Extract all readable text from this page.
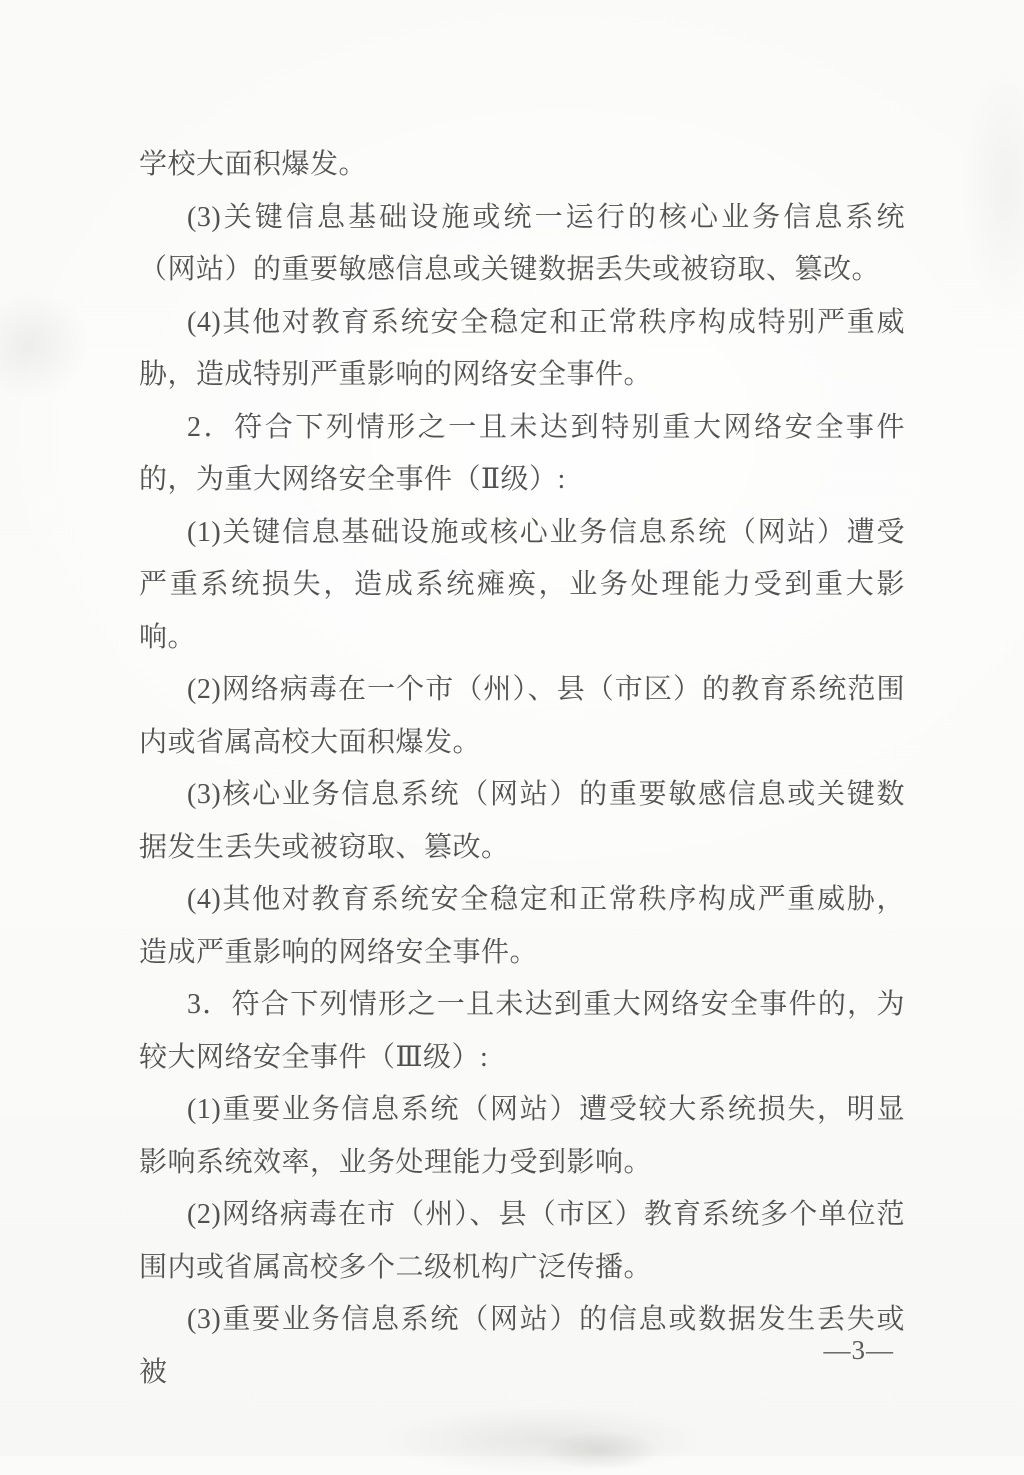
学校大面积爆发。

(3)关键信息基础设施或统一运行的核心业务信息系统（网站）的重要敏感信息或关键数据丢失或被窃取、篡改。

(4)其他对教育系统安全稳定和正常秩序构成特别严重威胁，造成特别严重影响的网络安全事件。

2．符合下列情形之一且未达到特别重大网络安全事件的，为重大网络安全事件（Ⅱ级）:

(1)关键信息基础设施或核心业务信息系统（网站）遭受严重系统损失，造成系统瘫痪，业务处理能力受到重大影响。

(2)网络病毒在一个市（州）、县（市区）的教育系统范围内或省属高校大面积爆发。

(3)核心业务信息系统（网站）的重要敏感信息或关键数据发生丢失或被窃取、篡改。

(4)其他对教育系统安全稳定和正常秩序构成严重威胁，造成严重影响的网络安全事件。

3．符合下列情形之一且未达到重大网络安全事件的，为较大网络安全事件（Ⅲ级）:

(1)重要业务信息系统（网站）遭受较大系统损失，明显影响系统效率，业务处理能力受到影响。

(2)网络病毒在市（州）、县（市区）教育系统多个单位范围内或省属高校多个二级机构广泛传播。

(3)重要业务信息系统（网站）的信息或数据发生丢失或被

—3—
